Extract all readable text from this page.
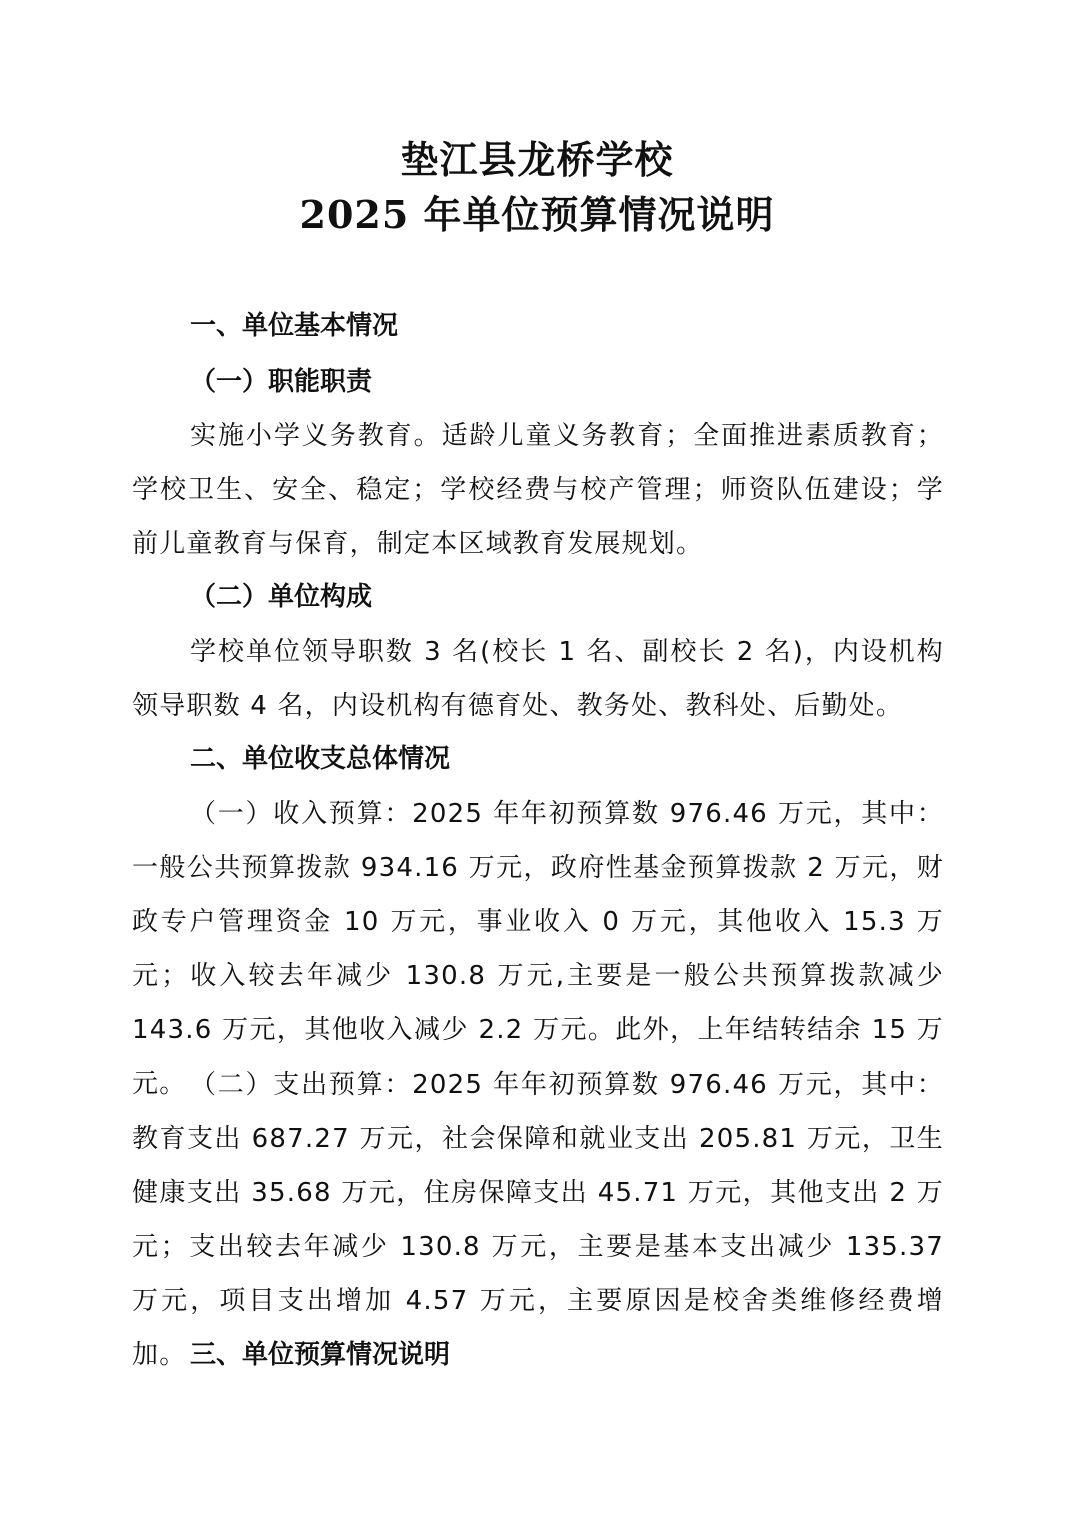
垫江县龙桥学校
2025 年单位预算情况说明
一、单位基本情况
（一）职能职责
实施小学义务教育。适龄儿童义务教育；全面推进素质教育；学校卫生、安全、稳定；学校经费与校产管理；师资队伍建设；学前儿童教育与保育，制定本区域教育发展规划。
（二）单位构成
学校单位领导职数 3 名(校长 1 名、副校长 2 名)，内设机构领导职数 4 名，内设机构有德育处、教务处、教科处、后勤处。
二、单位收支总体情况
（一）收入预算：2025 年年初预算数 976.46 万元，其中：一般公共预算拨款 934.16 万元，政府性基金预算拨款 2 万元，财政专户管理资金 10 万元，事业收入 0 万元，其他收入 15.3 万元；收入较去年减少 130.8 万元,主要是一般公共预算拨款减少 143.6 万元，其他收入减少 2.2 万元。此外，上年结转结余 15 万元。 （二）支出预算：2025 年年初预算数 976.46 万元，其中：教育支出 687.27 万元，社会保障和就业支出 205.81 万元，卫生健康支出 35.68 万元，住房保障支出 45.71 万元，其他支出 2 万元；支出较去年减少 130.8 万元，主要是基本支出减少 135.37 万元，项目支出增加 4.57 万元，主要原因是校舍类维修经费增加。 三、单位预算情况说明
